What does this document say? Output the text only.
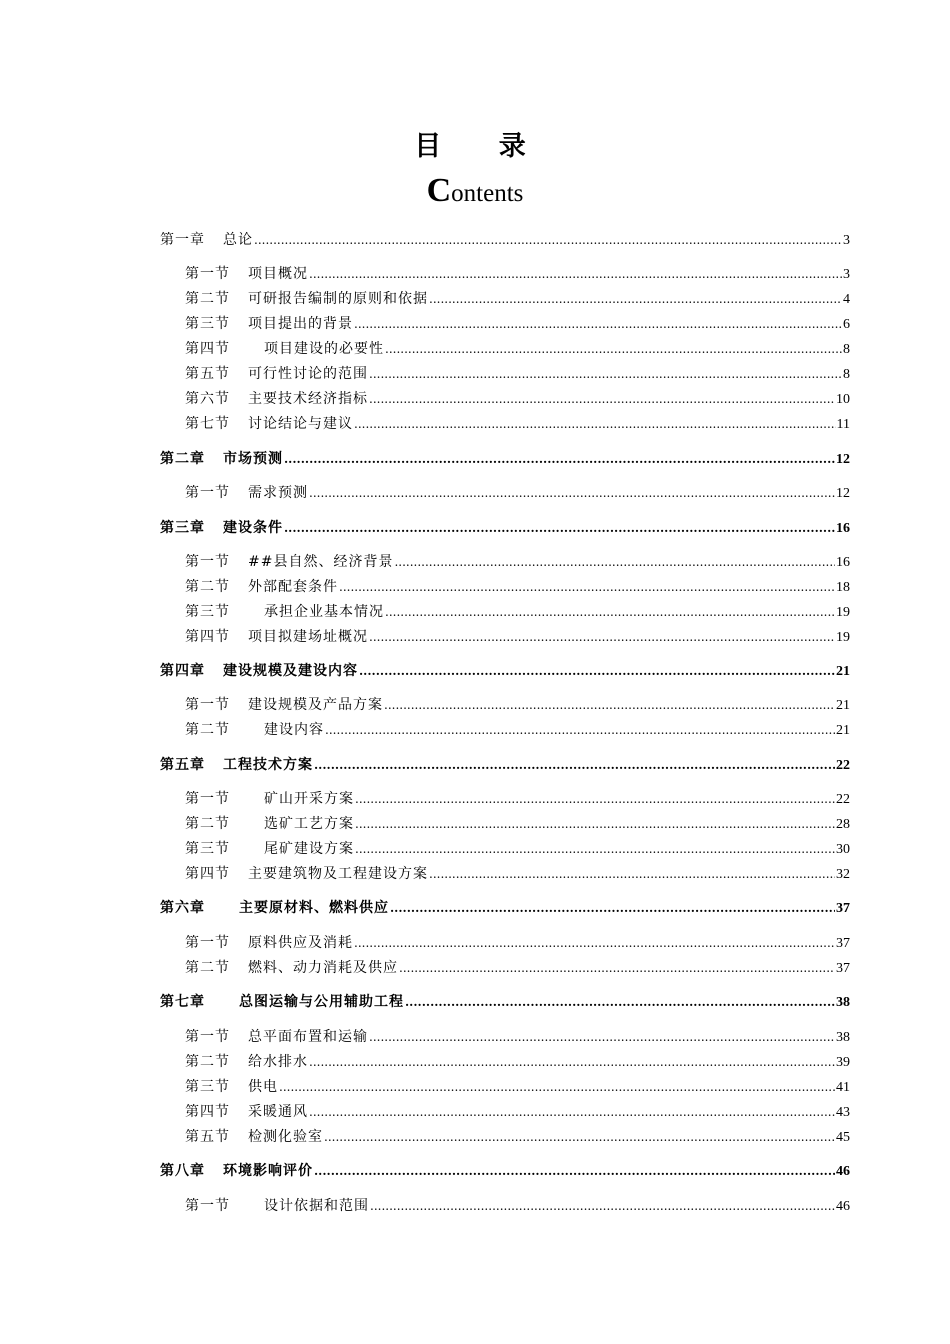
目 录
Contents
第一章 总论 .....	3
第一节 项目概况 .....	3
第二节 可研报告编制的原则和依据 .....	4
第三节 项目提出的背景 .....	6
第四节 项目建设的必要性 .....	8
第五节 可行性讨论的范围 .....	8
第六节 主要技术经济指标 .....	10
第七节 讨论结论与建议 .....	11
第二章 市场预测 .....	12
第一节 需求预测 .....	12
第三章 建设条件 .....	16
第一节 ##县自然、经济背景 .....	16
第二节 外部配套条件 .....	18
第三节 承担企业基本情况 .....	19
第四节 项目拟建场址概况 .....	19
第四章 建设规模及建设内容 .....	21
第一节 建设规模及产品方案 .....	21
第二节 建设内容 .....	21
第五章 工程技术方案 .....	22
第一节 矿山开采方案 .....	22
第二节 选矿工艺方案 .....	28
第三节 尾矿建设方案 .....	30
第四节 主要建筑物及工程建设方案 .....	32
第六章 主要原材料、燃料供应 .....	37
第一节 原料供应及消耗 .....	37
第二节 燃料、动力消耗及供应 .....	37
第七章 总图运输与公用辅助工程 .....	38
第一节 总平面布置和运输 .....	38
第二节 给水排水 .....	39
第三节 供电 .....	41
第四节 采暖通风 .....	43
第五节 检测化验室 .....	45
第八章 环境影响评价 .....	46
第一节 设计依据和范围 .....	46
